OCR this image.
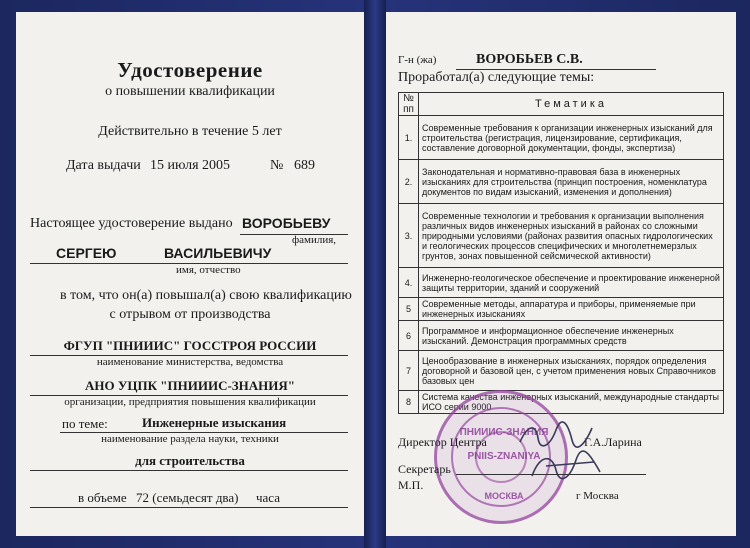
Удостоверение
о повышении квалификации
Действительно в течение 5 лет
Дата выдачи 15 июля 2005	№ 689
Настоящее удостоверение выдано ВОРОБЬЕВУ
фамилия,
СЕРГЕЮ	ВАСИЛЬЕВИЧУ
имя, отчество
в том, что он(а) повышал(а) свою квалификацию
с отрывом от производства
ФГУП "ПНИИИС" ГОССТРОЯ РОССИИ
наименование министерства, ведомства
АНО УЦПК "ПНИИИС-ЗНАНИЯ"
организации, предприятия повышения квалификации
по теме:	Инженерные изыскания
наименование раздела науки, техники
для строительства
в объеме 72 (семьдесят два) часа
Г-н (жа)	ВОРОБЬЕВ С.В.
Проработал(а) следующие темы:
№ пп	Тематика
1.	Современные требования к организации инженерных изысканий для строительства (регистрация, лицензирование, сертификация, составление договорной документации, фонды, экспертиза)
2.	Законодательная и нормативно-правовая база в инженерных изысканиях для строительства (принцип построения, номенклатура документов по видам изысканий, изменения и дополнения)
3.	Современные технологии и требования к организации выполнения различных видов инженерных изысканий в районах со сложными природными условиями (районах развития опасных гидрологических и геологических процессов специфических и многолетнемерзлых грунтов, зонах повышенной сейсмической активности)
4.	Инженерно-геологическое обеспечение и проектирование инженерной защиты территории, зданий и сооружений
5	Современные методы, аппаратура и приборы, применяемые при инженерных изысканиях
6	Программное и информационное обеспечение инженерных изысканий. Демонстрация программных средств
7	Ценообразование в инженерных изысканиях, порядок определения договорной и базовой цен, с учетом применения новых Справочников базовых цен
8	Система качества инженерных изысканий, международные стандарты ИСО серии 9000
ПНИИИС-ЗНАНИЯ
PNIIS-ZNANIYA
МОСКВА
Директор Центра	Г.А.Ларина
Секретарь
М.П.
г Москва
